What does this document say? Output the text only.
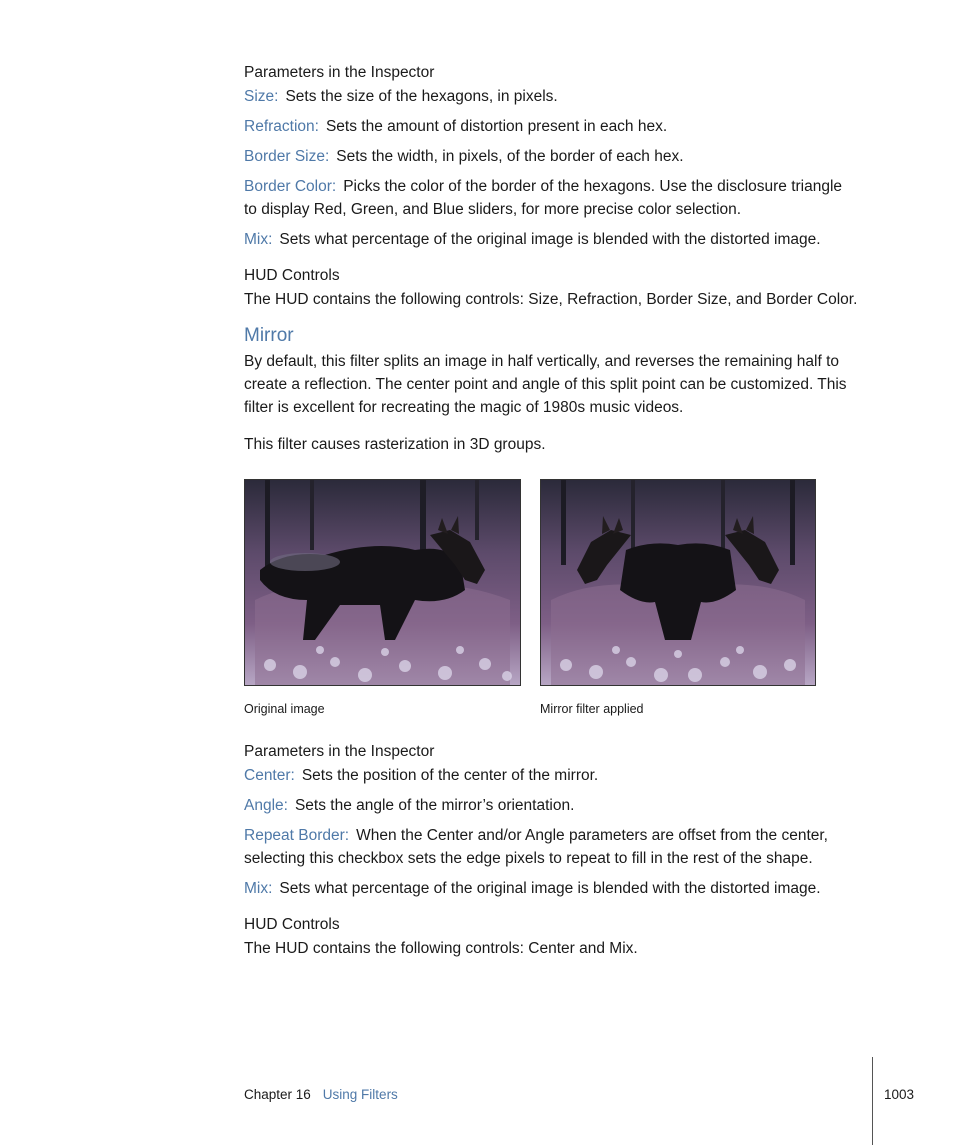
Parameters in the Inspector
Size: Sets the size of the hexagons, in pixels.
Refraction: Sets the amount of distortion present in each hex.
Border Size: Sets the width, in pixels, of the border of each hex.
Border Color: Picks the color of the border of the hexagons. Use the disclosure triangle
to display Red, Green, and Blue sliders, for more precise color selection.
Mix: Sets what percentage of the original image is blended with the distorted image.
HUD Controls
The HUD contains the following controls: Size, Refraction, Border Size, and Border Color.
Mirror
By default, this filter splits an image in half vertically, and reverses the remaining half to
create a reflection. The center point and angle of this split point can be customized. This
filter is excellent for recreating the magic of 1980s music videos.
This filter causes rasterization in 3D groups.
Original image	Mirror filter applied
Parameters in the Inspector
Center: Sets the position of the center of the mirror.
Angle: Sets the angle of the mirror’s orientation.
Repeat Border: When the Center and/or Angle parameters are offset from the center,
selecting this checkbox sets the edge pixels to repeat to fill in the rest of the shape.
Mix: Sets what percentage of the original image is blended with the distorted image.
HUD Controls
The HUD contains the following controls: Center and Mix.
Chapter 16 Using Filters	1003
